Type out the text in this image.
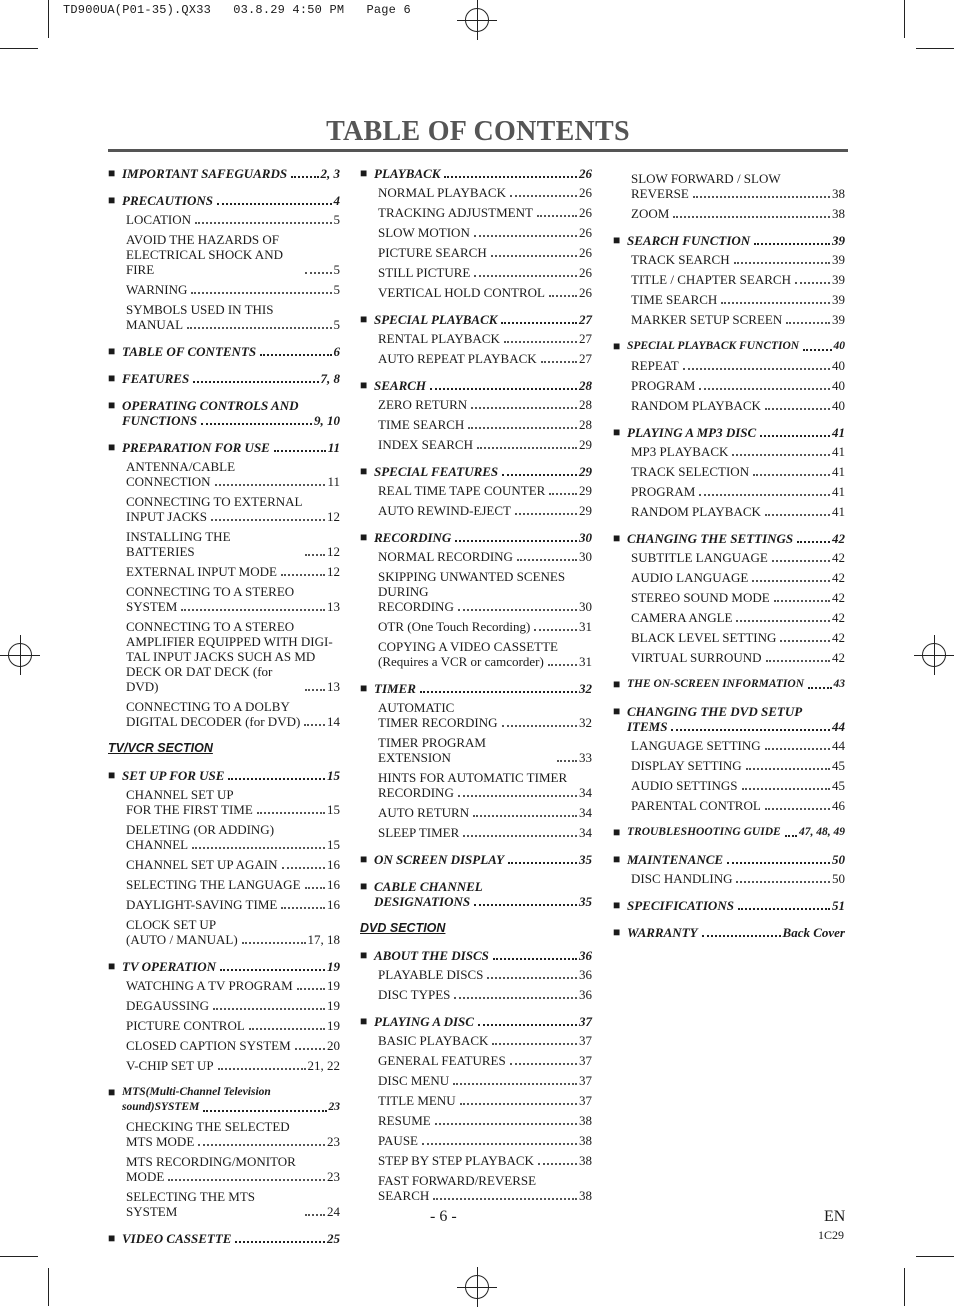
TD900UA(P01-35).QX33   03.8.29 4:50 PM   Page 6
TABLE OF CONTENTS
■ IMPORTANT SAFEGUARDS	2, 3
■ PRECAUTIONS	4
LOCATION	5
AVOID THE HAZARDS OF
ELECTRICAL SHOCK AND FIRE	5
WARNING	5
SYMBOLS USED IN THIS
MANUAL	5
■ TABLE OF CONTENTS	6
■ FEATURES	7, 8
■ OPERATING CONTROLS AND
FUNCTIONS	9, 10
■ PREPARATION FOR USE	11
ANTENNA/CABLE
CONNECTION	11
CONNECTING TO EXTERNAL
INPUT JACKS	12
INSTALLING THE BATTERIES	12
EXTERNAL INPUT MODE	12
CONNECTING TO A STEREO
SYSTEM	13
CONNECTING TO A STEREO
AMPLIFIER EQUIPPED WITH DIGI-
TAL INPUT JACKS SUCH AS MD
DECK OR DAT DECK (for DVD)	13
CONNECTING TO A DOLBY
DIGITAL DECODER (for DVD) 14
TV/VCR SECTION
■ SET UP FOR USE	15
CHANNEL SET UP
FOR THE FIRST TIME	15
DELETING (OR ADDING)
CHANNEL	15
CHANNEL SET UP AGAIN	16
SELECTING THE LANGUAGE 16
DAYLIGHT-SAVING TIME	16
CLOCK SET UP
(AUTO / MANUAL)	17, 18
■ TV OPERATION	19
WATCHING A TV PROGRAM	19
DEGAUSSING	19
PICTURE CONTROL	19
CLOSED CAPTION SYSTEM	20
V-CHIP SET UP	21, 22
■ MTS(Multi-Channel Television
sound)SYSTEM	23
CHECKING THE SELECTED
MTS MODE	23
MTS RECORDING/MONITOR
MODE	23
SELECTING THE MTS SYSTEM	24
■ VIDEO CASSETTE	25
■ PLAYBACK	26
NORMAL PLAYBACK	26
TRACKING ADJUSTMENT	26
SLOW MOTION	26
PICTURE SEARCH	26
STILL PICTURE	26
VERTICAL HOLD CONTROL	26
■ SPECIAL PLAYBACK	27
RENTAL PLAYBACK	27
AUTO REPEAT PLAYBACK	27
■ SEARCH	28
ZERO RETURN	28
TIME SEARCH	28
INDEX SEARCH	29
■ SPECIAL FEATURES	29
REAL TIME TAPE COUNTER	29
AUTO REWIND-EJECT	29
■ RECORDING	30
NORMAL RECORDING	30
SKIPPING UNWANTED SCENES
DURING
RECORDING	30
OTR (One Touch Recording)	31
COPYING A VIDEO CASSETTE
(Requires a VCR or camcorder)	31
■ TIMER	32
AUTOMATIC
TIMER RECORDING	32
TIMER PROGRAM EXTENSION	33
HINTS FOR AUTOMATIC TIMER
RECORDING	34
AUTO RETURN	34
SLEEP TIMER	34
■ ON SCREEN DISPLAY	35
■ CABLE CHANNEL
DESIGNATIONS	35
DVD SECTION
■ ABOUT THE DISCS	36
PLAYABLE DISCS	36
DISC TYPES	36
■ PLAYING A DISC	37
BASIC PLAYBACK	37
GENERAL FEATURES	37
DISC MENU	37
TITLE MENU	37
RESUME	38
PAUSE	38
STEP BY STEP PLAYBACK	38
FAST FORWARD/REVERSE
SEARCH	38
SLOW FORWARD / SLOW
REVERSE	38
ZOOM	38
■ SEARCH FUNCTION	39
TRACK SEARCH	39
TITLE / CHAPTER SEARCH	39
TIME SEARCH	39
MARKER SETUP SCREEN	39
■ SPECIAL PLAYBACK FUNCTION	40
REPEAT	40
PROGRAM	40
RANDOM PLAYBACK	40
■ PLAYING A MP3 DISC	41
MP3 PLAYBACK	41
TRACK SELECTION	41
PROGRAM	41
RANDOM PLAYBACK	41
■ CHANGING THE SETTINGS	42
SUBTITLE LANGUAGE	42
AUDIO LANGUAGE	42
STEREO SOUND MODE	42
CAMERA ANGLE	42
BLACK LEVEL SETTING	42
VIRTUAL SURROUND	42
■ THE ON-SCREEN INFORMATION	43
■ CHANGING THE DVD SETUP
ITEMS	44
LANGUAGE SETTING	44
DISPLAY SETTING	45
AUDIO SETTINGS	45
PARENTAL CONTROL	46
■ TROUBLESHOOTING GUIDE 47, 48, 49
■ MAINTENANCE	50
DISC HANDLING	50
■ SPECIFICATIONS	51
■ WARRANTY	Back Cover
- 6 -	EN
1C29
